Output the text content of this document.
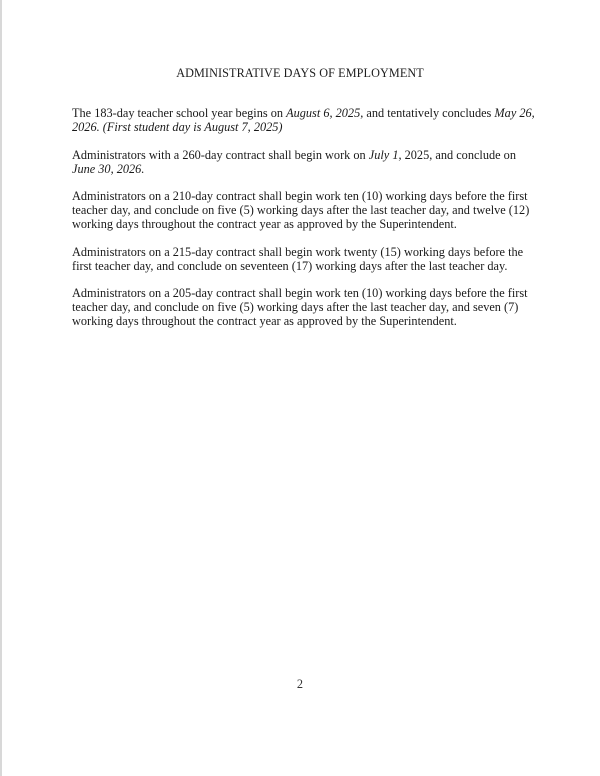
ADMINISTRATIVE DAYS OF EMPLOYMENT

The 183-day teacher school year begins on August 6, 2025, and tentatively concludes May 26, 2026. (First student day is August 7, 2025)

Administrators with a 260-day contract shall begin work on July 1, 2025, and conclude on June 30, 2026.

Administrators on a 210-day contract shall begin work ten (10) working days before the first teacher day, and conclude on five (5) working days after the last teacher day, and twelve (12) working days throughout the contract year as approved by the Superintendent.

Administrators on a 215-day contract shall begin work twenty (15) working days before the first teacher day, and conclude on seventeen (17) working days after the last teacher day.

Administrators on a 205-day contract shall begin work ten (10) working days before the first teacher day, and conclude on five (5) working days after the last teacher day, and seven (7) working days throughout the contract year as approved by the Superintendent.

2
